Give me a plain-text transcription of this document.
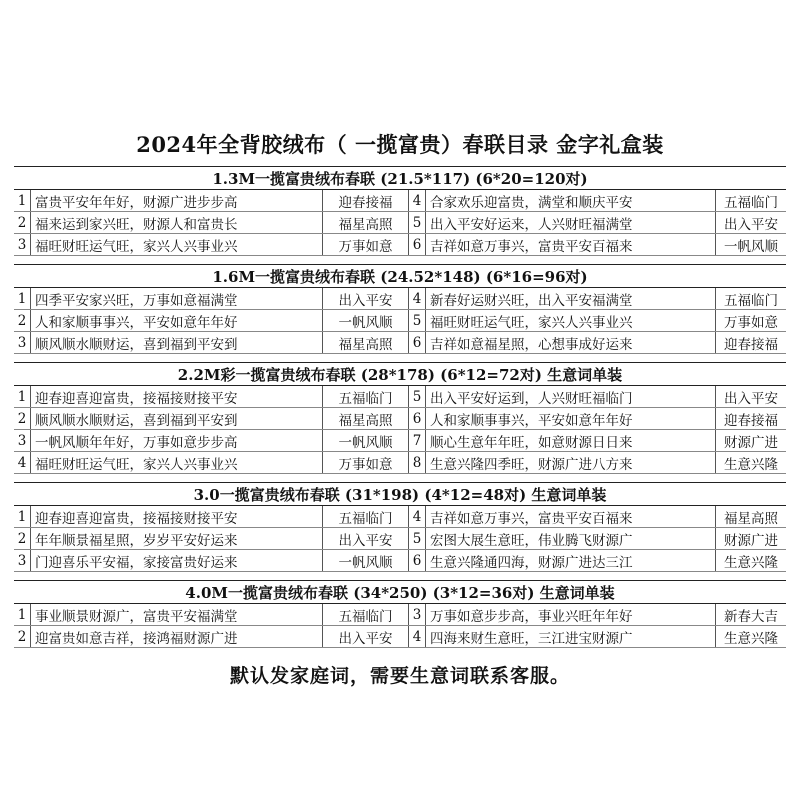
2024年全背胶绒布（ 一揽富贵）春联目录 金字礼盒装
1.3M一揽富贵绒布春联 (21.5*117) (6*20=120对)
1 富贵平安年年好，财源广进步步高	迎春接福	4 合家欢乐迎富贵，满堂和顺庆平安	五福临门
2 福来运到家兴旺，财源人和富贵长	福星高照	5 出入平安好运来，人兴财旺福满堂	出入平安
3 福旺财旺运气旺，家兴人兴事业兴	万事如意	6 吉祥如意万事兴，富贵平安百福来	一帆风顺
1.6M一揽富贵绒布春联 (24.52*148) (6*16=96对)
1 四季平安家兴旺，万事如意福满堂	出入平安	4 新春好运财兴旺，出入平安福满堂	五福临门
2 人和家顺事事兴，平安如意年年好	一帆风顺	5 福旺财旺运气旺，家兴人兴事业兴	万事如意
3 顺风顺水顺财运，喜到福到平安到	福星高照	6 吉祥如意福星照，心想事成好运来	迎春接福
2.2M彩一揽富贵绒布春联 (28*178) (6*12=72对) 生意词单装
1 迎春迎喜迎富贵，接福接财接平安	五福临门	5 出入平安好运到，人兴财旺福临门	出入平安
2 顺风顺水顺财运，喜到福到平安到	福星高照	6 人和家顺事事兴，平安如意年年好	迎春接福
3 一帆风顺年年好，万事如意步步高	一帆风顺	7 顺心生意年年旺，如意财源日日来	财源广进
4 福旺财旺运气旺，家兴人兴事业兴	万事如意	8 生意兴隆四季旺，财源广进八方来	生意兴隆
3.0一揽富贵绒布春联 (31*198) (4*12=48对) 生意词单装
1 迎春迎喜迎富贵，接福接财接平安	五福临门	4 吉祥如意万事兴，富贵平安百福来	福星高照
2 年年顺景福星照，岁岁平安好运来	出入平安	5 宏图大展生意旺，伟业腾飞财源广	财源广进
3 门迎喜乐平安福，家接富贵好运来	一帆风顺	6 生意兴隆通四海，财源广进达三江	生意兴隆
4.0M一揽富贵绒布春联 (34*250) (3*12=36对) 生意词单装
1 事业顺景财源广，富贵平安福满堂	五福临门	3 万事如意步步高，事业兴旺年年好	新春大吉
2 迎富贵如意吉祥，接鸿福财源广进	出入平安	4 四海来财生意旺，三江进宝财源广	生意兴隆
默认发家庭词，需要生意词联系客服。
